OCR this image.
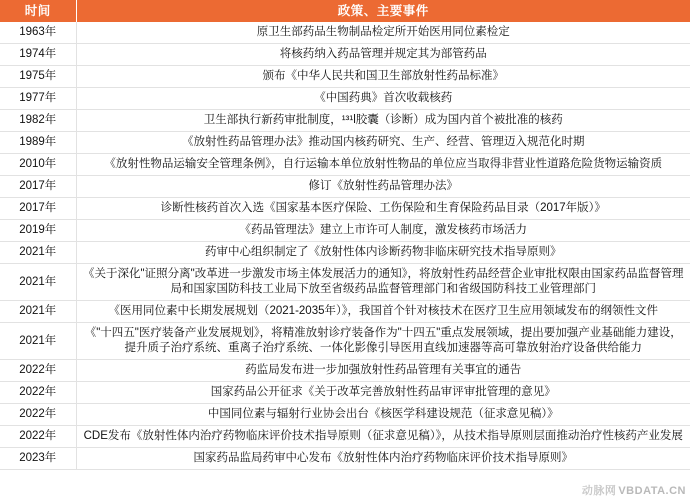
时间	政策、主要事件
1963年	原卫生部药品生物制品检定所开始医用同位素检定
1974年	将核药纳入药品管理并规定其为部管药品
1975年	颁布《中华人民共和国卫生部放射性药品标准》
1977年	《中国药典》首次收载核药
1982年	卫生部执行新药审批制度，¹³¹l胶囊（诊断）成为国内首个被批准的核药
1989年	《放射性药品管理办法》推动国内核药研究、生产、经营、管理迈入规范化时期
2010年	《放射性物品运输安全管理条例》，自行运输本单位放射性物品的单位应当取得非营业性道路危险货物运输资质
2017年	修订《放射性药品管理办法》
2017年	诊断性核药首次入选《国家基本医疗保险、工伤保险和生育保险药品目录（2017年版）》
2019年	《药品管理法》建立上市许可人制度，激发核药市场活力
2021年	药审中心组织制定了《放射性体内诊断药物非临床研究技术指导原则》
2021年	《关于深化"证照分离"改革进一步激发市场主体发展活力的通知》，将放射性药品经营企业审批权限由国家药品监督管理局和国家国防科技工业局下放至省级药品监督管理部门和省级国防科技工业管理部门
2021年	《医用同位素中长期发展规划（2021-2035年）》，我国首个针对核技术在医疗卫生应用领域发布的纲领性文件
2021年	《"十四五"医疗装备产业发展规划》，将精准放射诊疗装备作为"十四五"重点发展领域，提出要加强产业基础能力建设，提升质子治疗系统、重离子治疗系统、一体化影像引导医用直线加速器等高可靠放射治疗设备供给能力
2022年	药监局发布进一步加强放射性药品管理有关事宜的通告
2022年	国家药品公开征求《关于改革完善放射性药品审评审批管理的意见》
2022年	中国同位素与辐射行业协会出台《核医学科建设规范（征求意见稿）》
2022年	CDE发布《放射性体内治疗药物临床评价技术指导原则（征求意见稿）》，从技术指导原则层面推动治疗性核药产业发展
2023年	国家药品监局药审中心发布《放射性体内治疗药物临床评价技术指导原则》
动脉网 VBDATA.CN
